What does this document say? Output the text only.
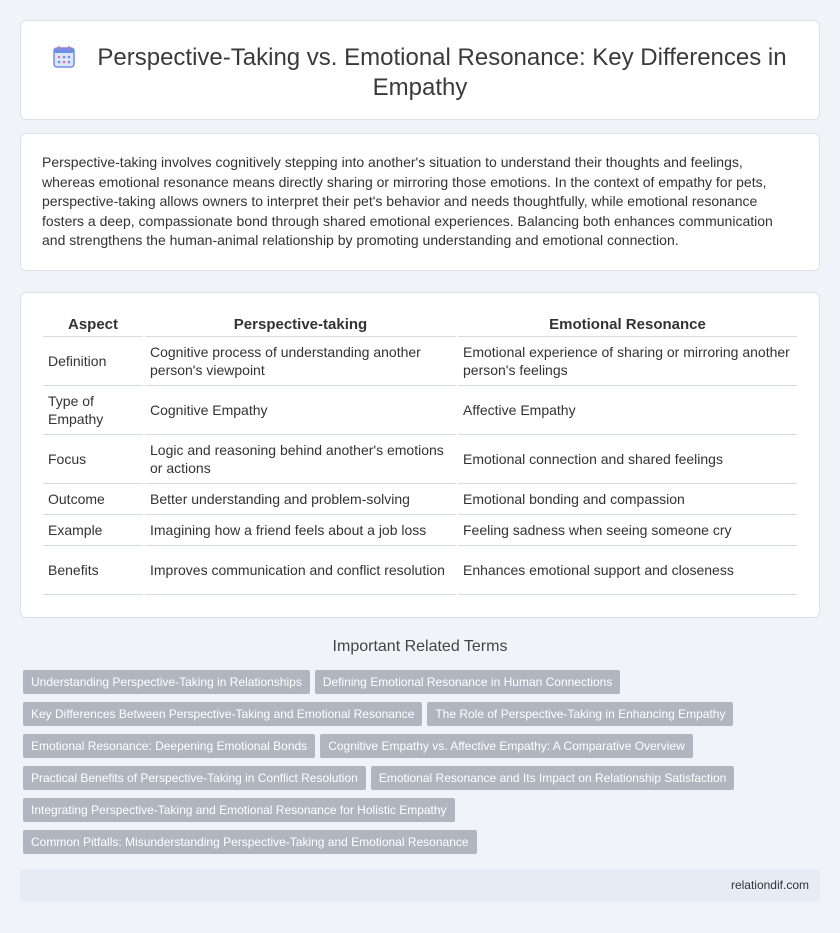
Perspective-Taking vs. Emotional Resonance: Key Differences in Empathy

Perspective-taking involves cognitively stepping into another's situation to understand their thoughts and feelings, whereas emotional resonance means directly sharing or mirroring those emotions. In the context of empathy for pets, perspective-taking allows owners to interpret their pet's behavior and needs thoughtfully, while emotional resonance fosters a deep, compassionate bond through shared emotional experiences. Balancing both enhances communication and strengthens the human-animal relationship by promoting understanding and emotional connection.

Aspect	Perspective-taking	Emotional Resonance
Definition	Cognitive process of understanding another person's viewpoint	Emotional experience of sharing or mirroring another person's feelings
Type of Empathy	Cognitive Empathy	Affective Empathy
Focus	Logic and reasoning behind another's emotions or actions	Emotional connection and shared feelings
Outcome	Better understanding and problem-solving	Emotional bonding and compassion
Example	Imagining how a friend feels about a job loss	Feeling sadness when seeing someone cry
Benefits	Improves communication and conflict resolution	Enhances emotional support and closeness
Important Related Terms
Understanding Perspective-Taking in Relationships Defining Emotional Resonance in Human Connections
Key Differences Between Perspective-Taking and Emotional Resonance The Role of Perspective-Taking in Enhancing Empathy
Emotional Resonance: Deepening Emotional Bonds Cognitive Empathy vs. Affective Empathy: A Comparative Overview
Practical Benefits of Perspective-Taking in Conflict Resolution Emotional Resonance and Its Impact on Relationship Satisfaction
Integrating Perspective-Taking and Emotional Resonance for Holistic Empathy
Common Pitfalls: Misunderstanding Perspective-Taking and Emotional Resonance
relationdif.com
